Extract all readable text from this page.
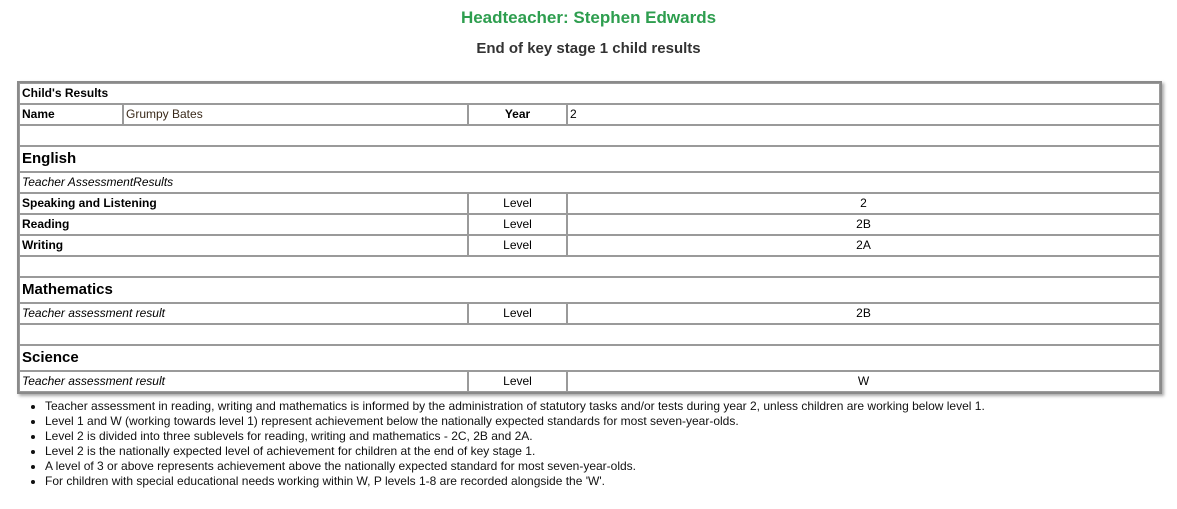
Headteacher: Stephen Edwards
End of key stage 1 child results
Child's Results			
Name	Grumpy Bates	Year	2

English			
Teacher AssessmentResults			
Speaking and Listening		Level	2
Reading		Level	2B
Writing		Level	2A

Mathematics			
Teacher assessment result		Level	2B

Science			
Teacher assessment result		Level	W
• Teacher assessment in reading, writing and mathematics is informed by the administration of statutory tasks and/or tests during year 2, unless children are working below level 1.
• Level 1 and W (working towards level 1) represent achievement below the nationally expected standards for most seven-year-olds.
• Level 2 is divided into three sublevels for reading, writing and mathematics - 2C, 2B and 2A.
• Level 2 is the nationally expected level of achievement for children at the end of key stage 1.
• A level of 3 or above represents achievement above the nationally expected standard for most seven-year-olds.
• For children with special educational needs working within W, P levels 1-8 are recorded alongside the 'W'.
